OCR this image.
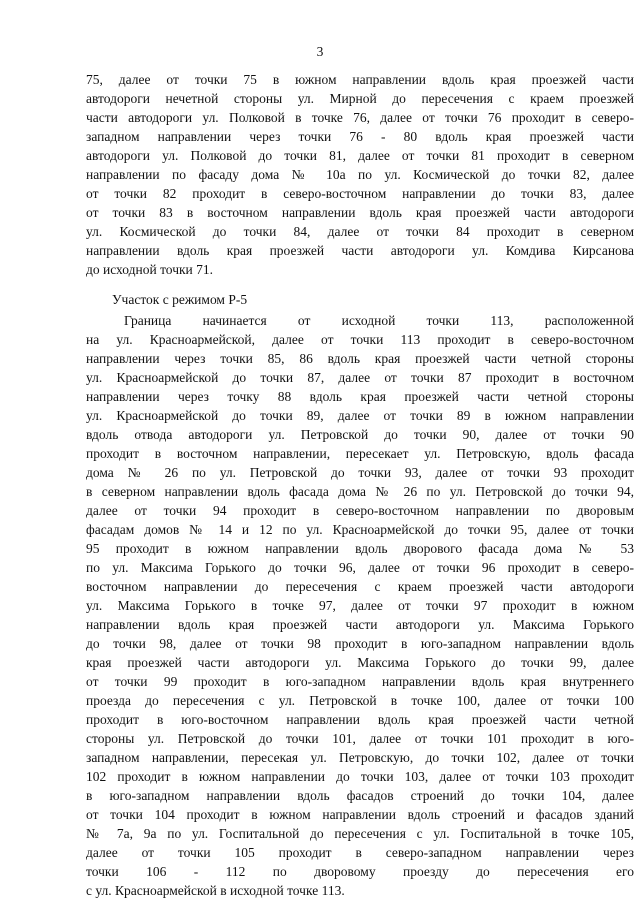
3
75, далее от точки 75 в южном направлении вдоль края проезжей части
автодороги нечетной стороны ул. Мирной до пересечения с краем проезжей
части автодороги ул. Полковой в точке 76, далее от точки 76 проходит в северо-
западном направлении через точки 76 - 80 вдоль края проезжей части
автодороги ул. Полковой до точки 81, далее от точки 81 проходит в северном
направлении по фасаду дома № 10а по ул. Космической до точки 82, далее
от точки 82 проходит в северо-восточном направлении до точки 83, далее
от точки 83 в восточном направлении вдоль края проезжей части автодороги
ул. Космической до точки 84, далее от точки 84 проходит в северном
направлении вдоль края проезжей части автодороги ул. Комдива Кирсанова
до исходной точки 71.
Участок с режимом Р-5
Граница начинается от исходной точки 113, расположенной
на ул. Красноармейской, далее от точки 113 проходит в северо-восточном
направлении через точки 85, 86 вдоль края проезжей части четной стороны
ул. Красноармейской до точки 87, далее от точки 87 проходит в восточном
направлении через точку 88 вдоль края проезжей части четной стороны
ул. Красноармейской до точки 89, далее от точки 89 в южном направлении
вдоль отвода автодороги ул. Петровской до точки 90, далее от точки 90
проходит в восточном направлении, пересекает ул. Петровскую, вдоль фасада
дома № 26 по ул. Петровской до точки 93, далее от точки 93 проходит
в северном направлении вдоль фасада дома № 26 по ул. Петровской до точки 94,
далее от точки 94 проходит в северо-восточном направлении по дворовым
фасадам домов № 14 и 12 по ул. Красноармейской до точки 95, далее от точки
95 проходит в южном направлении вдоль дворового фасада дома № 53
по ул. Максима Горького до точки 96, далее от точки 96 проходит в северо-
восточном направлении до пересечения с краем проезжей части автодороги
ул. Максима Горького в точке 97, далее от точки 97 проходит в южном
направлении вдоль края проезжей части автодороги ул. Максима Горького
до точки 98, далее от точки 98 проходит в юго-западном направлении вдоль
края проезжей части автодороги ул. Максима Горького до точки 99, далее
от точки 99 проходит в юго-западном направлении вдоль края внутреннего
проезда до пересечения с ул. Петровской в точке 100, далее от точки 100
проходит в юго-восточном направлении вдоль края проезжей части четной
стороны ул. Петровской до точки 101, далее от точки 101 проходит в юго-
западном направлении, пересекая ул. Петровскую, до точки 102, далее от точки
102 проходит в южном направлении до точки 103, далее от точки 103 проходит
в юго-западном направлении вдоль фасадов строений до точки 104, далее
от точки 104 проходит в южном направлении вдоль строений и фасадов зданий
№ 7а, 9а по ул. Госпитальной до пересечения с ул. Госпитальной в точке 105,
далее от точки 105 проходит в северо-западном направлении через
точки 106 - 112 по дворовому проезду до пересечения его
с ул. Красноармейской в исходной точке 113.
